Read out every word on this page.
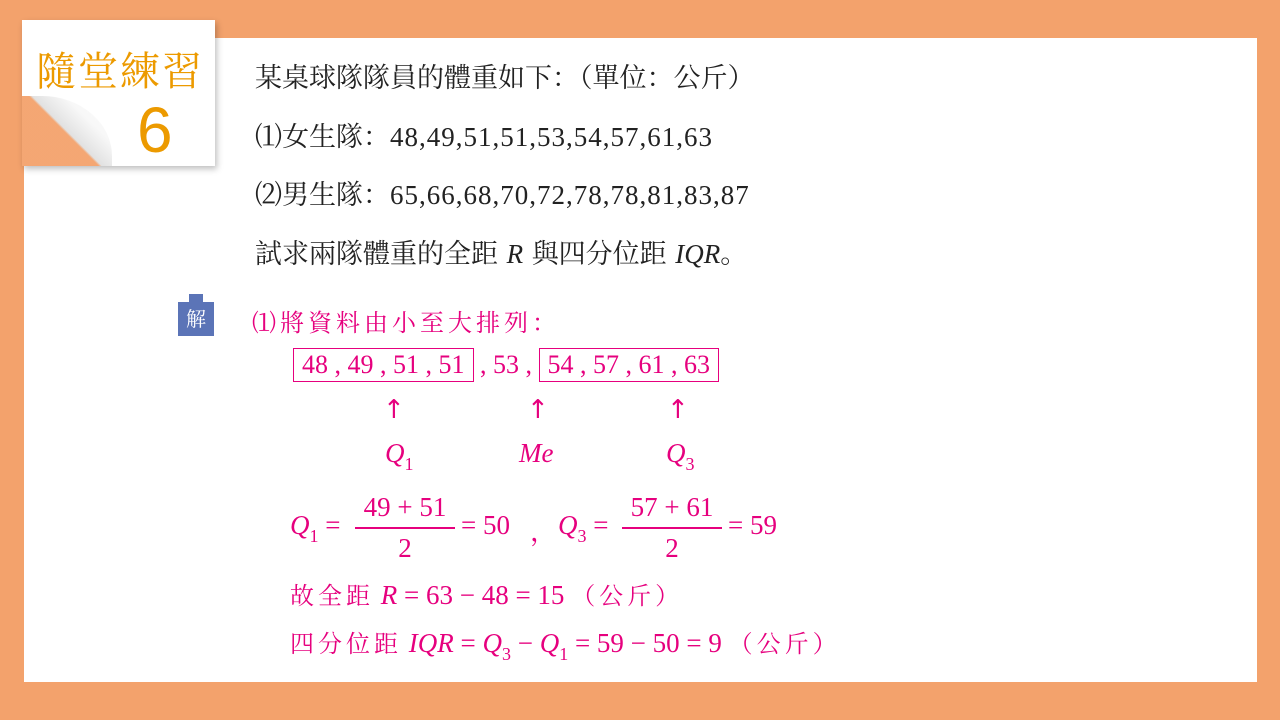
隨堂練習
6
某桌球隊隊員的體重如下：（單位：公斤）
⑴女生隊：48,49,51,51,53,54,57,61,63
⑵男生隊：65,66,68,70,72,78,78,81,83,87
試求兩隊體重的全距 R 與四分位距 IQR。
解	⑴將資料由小至大排列：
48 , 49 , 51 , 51 , 53 , 54 , 57 , 61 , 63
↑	↑	↑
$Q_1$	Me	$Q_3$
$Q_1$ =
49 + 51
2
= 50 ， $Q_3$ =
57 + 61
2
= 59
故全距 R = 63 − 48 = 15 （公斤）
四分位距 IQR = $Q_3 - Q_1 = 59 - 50 = 9$ （公斤）
